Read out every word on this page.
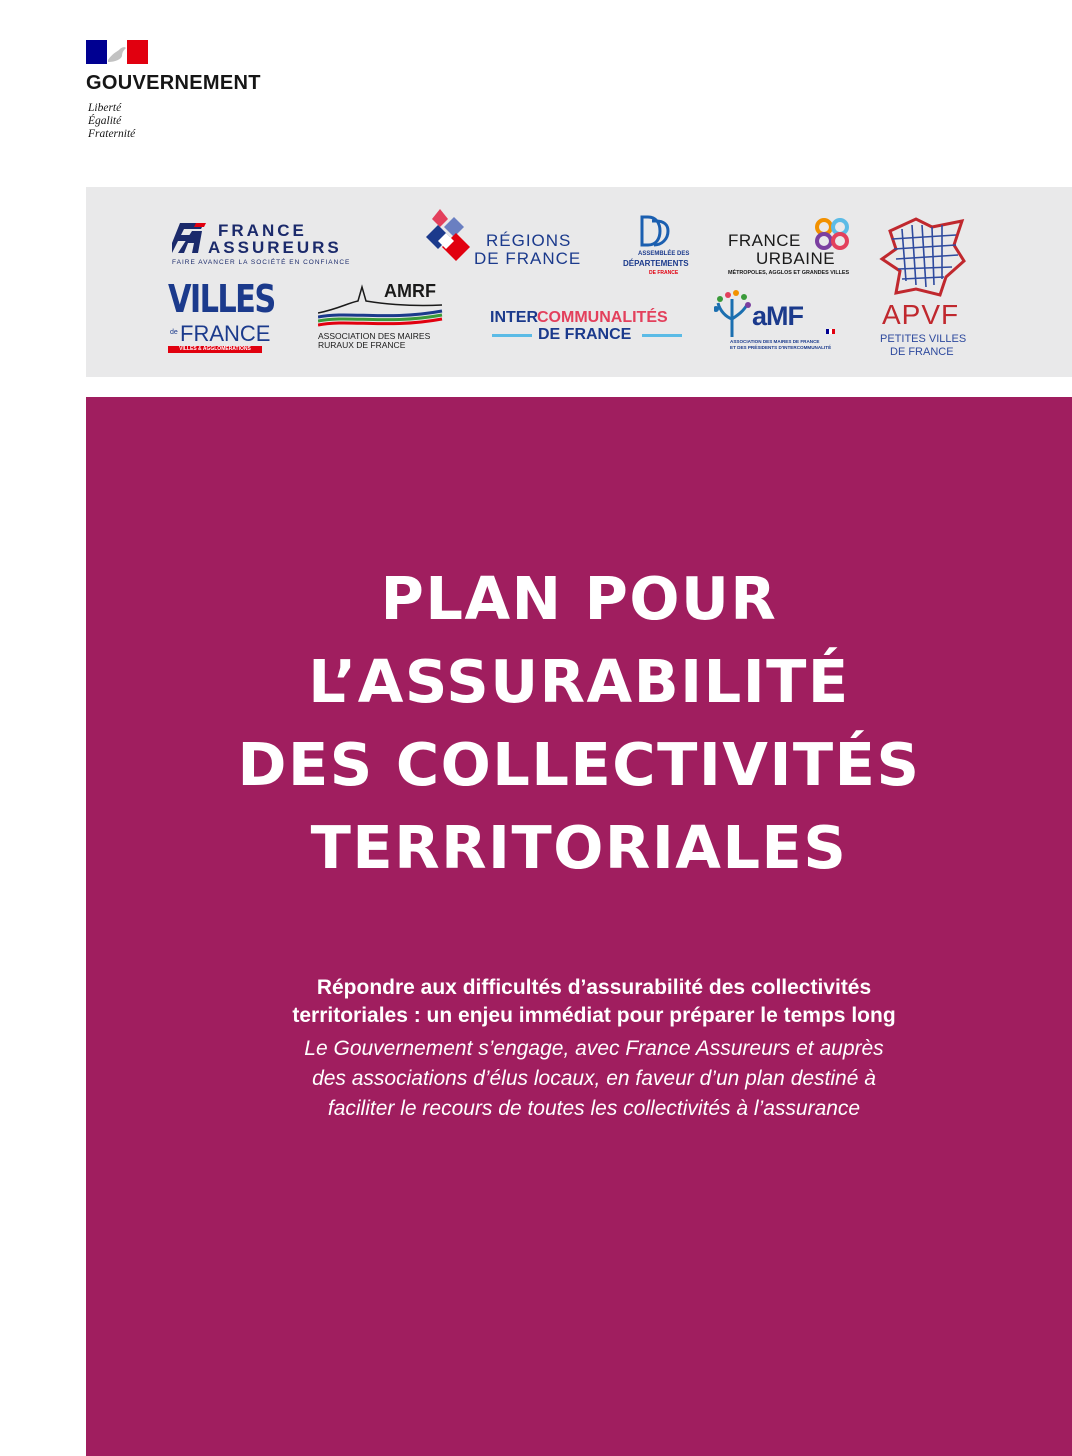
GOUVERNEMENT
Liberté
Égalité
Fraternité
FRANCE
ASSUREURS
FAIRE AVANCER LA SOCIÉTÉ EN CONFIANCE
RÉGIONS
DE FRANCE	ASSEMBLÉE DES
DÉPARTEMENTS
DE FRANCE
FRANCE
URBAINE
MÉTROPOLES, AGGLOS ET GRANDES VILLES
APVF
PETITES VILLES
DE FRANCE
VILLES
de FRANCE
VILLES & AGGLOMÉRATIONS
AMRF
ASSOCIATION DES MAIRES
RURAUX DE FRANCE
INTER COMMUNALITÉS
DE FRANCE
aMF
ASSOCIATION DES MAIRES DE FRANCE
ET DES PRÉSIDENTS D'INTERCOMMUNALITÉ
PLAN POUR
L’ASSURABILITÉ
DES COLLECTIVITÉS
TERRITORIALES
Répondre aux difficultés d’assurabilité des collectivités
territoriales : un enjeu immédiat pour préparer le temps long
Le Gouvernement s’engage, avec France Assureurs et auprès
des associations d’élus locaux, en faveur d’un plan destiné à
faciliter le recours de toutes les collectivités à l’assurance
